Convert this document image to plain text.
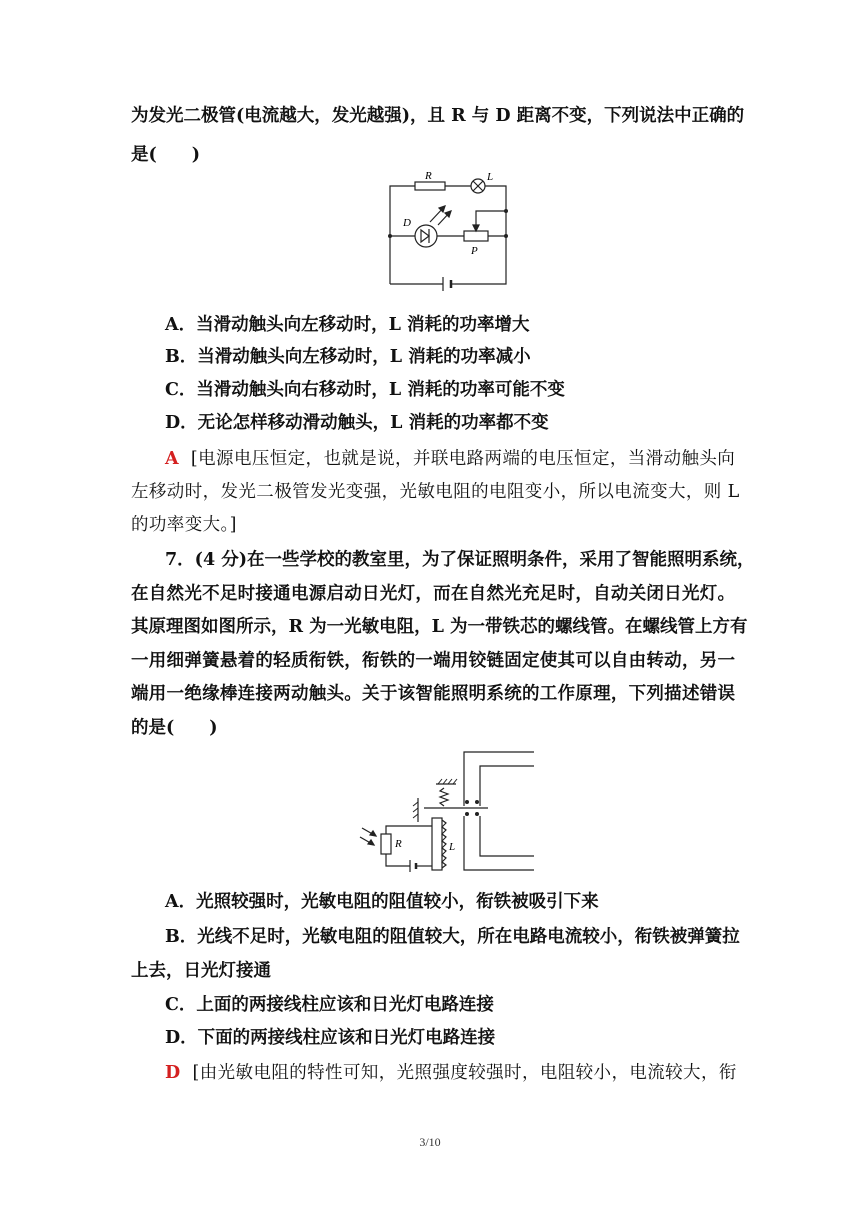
为发光二极管(电流越大，发光越强)，且 R 与 D 距离不变，下列说法中正确的
是(　　)
R	L
D
P
A．当滑动触头向左移动时，L 消耗的功率增大
B．当滑动触头向左移动时，L 消耗的功率减小
C．当滑动触头向右移动时，L 消耗的功率可能不变
D．无论怎样移动滑动触头，L 消耗的功率都不变
A [电源电压恒定，也就是说，并联电路两端的电压恒定，当滑动触头向
左移动时，发光二极管发光变强，光敏电阻的电阻变小，所以电流变大，则 L
的功率变大。]
7．(4 分)在一些学校的教室里，为了保证照明条件，采用了智能照明系统，
在自然光不足时接通电源启动日光灯，而在自然光充足时，自动关闭日光灯。
其原理图如图所示，R 为一光敏电阻，L 为一带铁芯的螺线管。在螺线管上方有
一用细弹簧悬着的轻质衔铁，衔铁的一端用铰链固定使其可以自由转动，另一
端用一绝缘棒连接两动触头。关于该智能照明系统的工作原理，下列描述错误
的是(　　)
R	L
A．光照较强时，光敏电阻的阻值较小，衔铁被吸引下来
B．光线不足时，光敏电阻的阻值较大，所在电路电流较小，衔铁被弹簧拉
上去，日光灯接通
C．上面的两接线柱应该和日光灯电路连接
D．下面的两接线柱应该和日光灯电路连接
D [由光敏电阻的特性可知，光照强度较强时，电阻较小，电流较大，衔
3/10
